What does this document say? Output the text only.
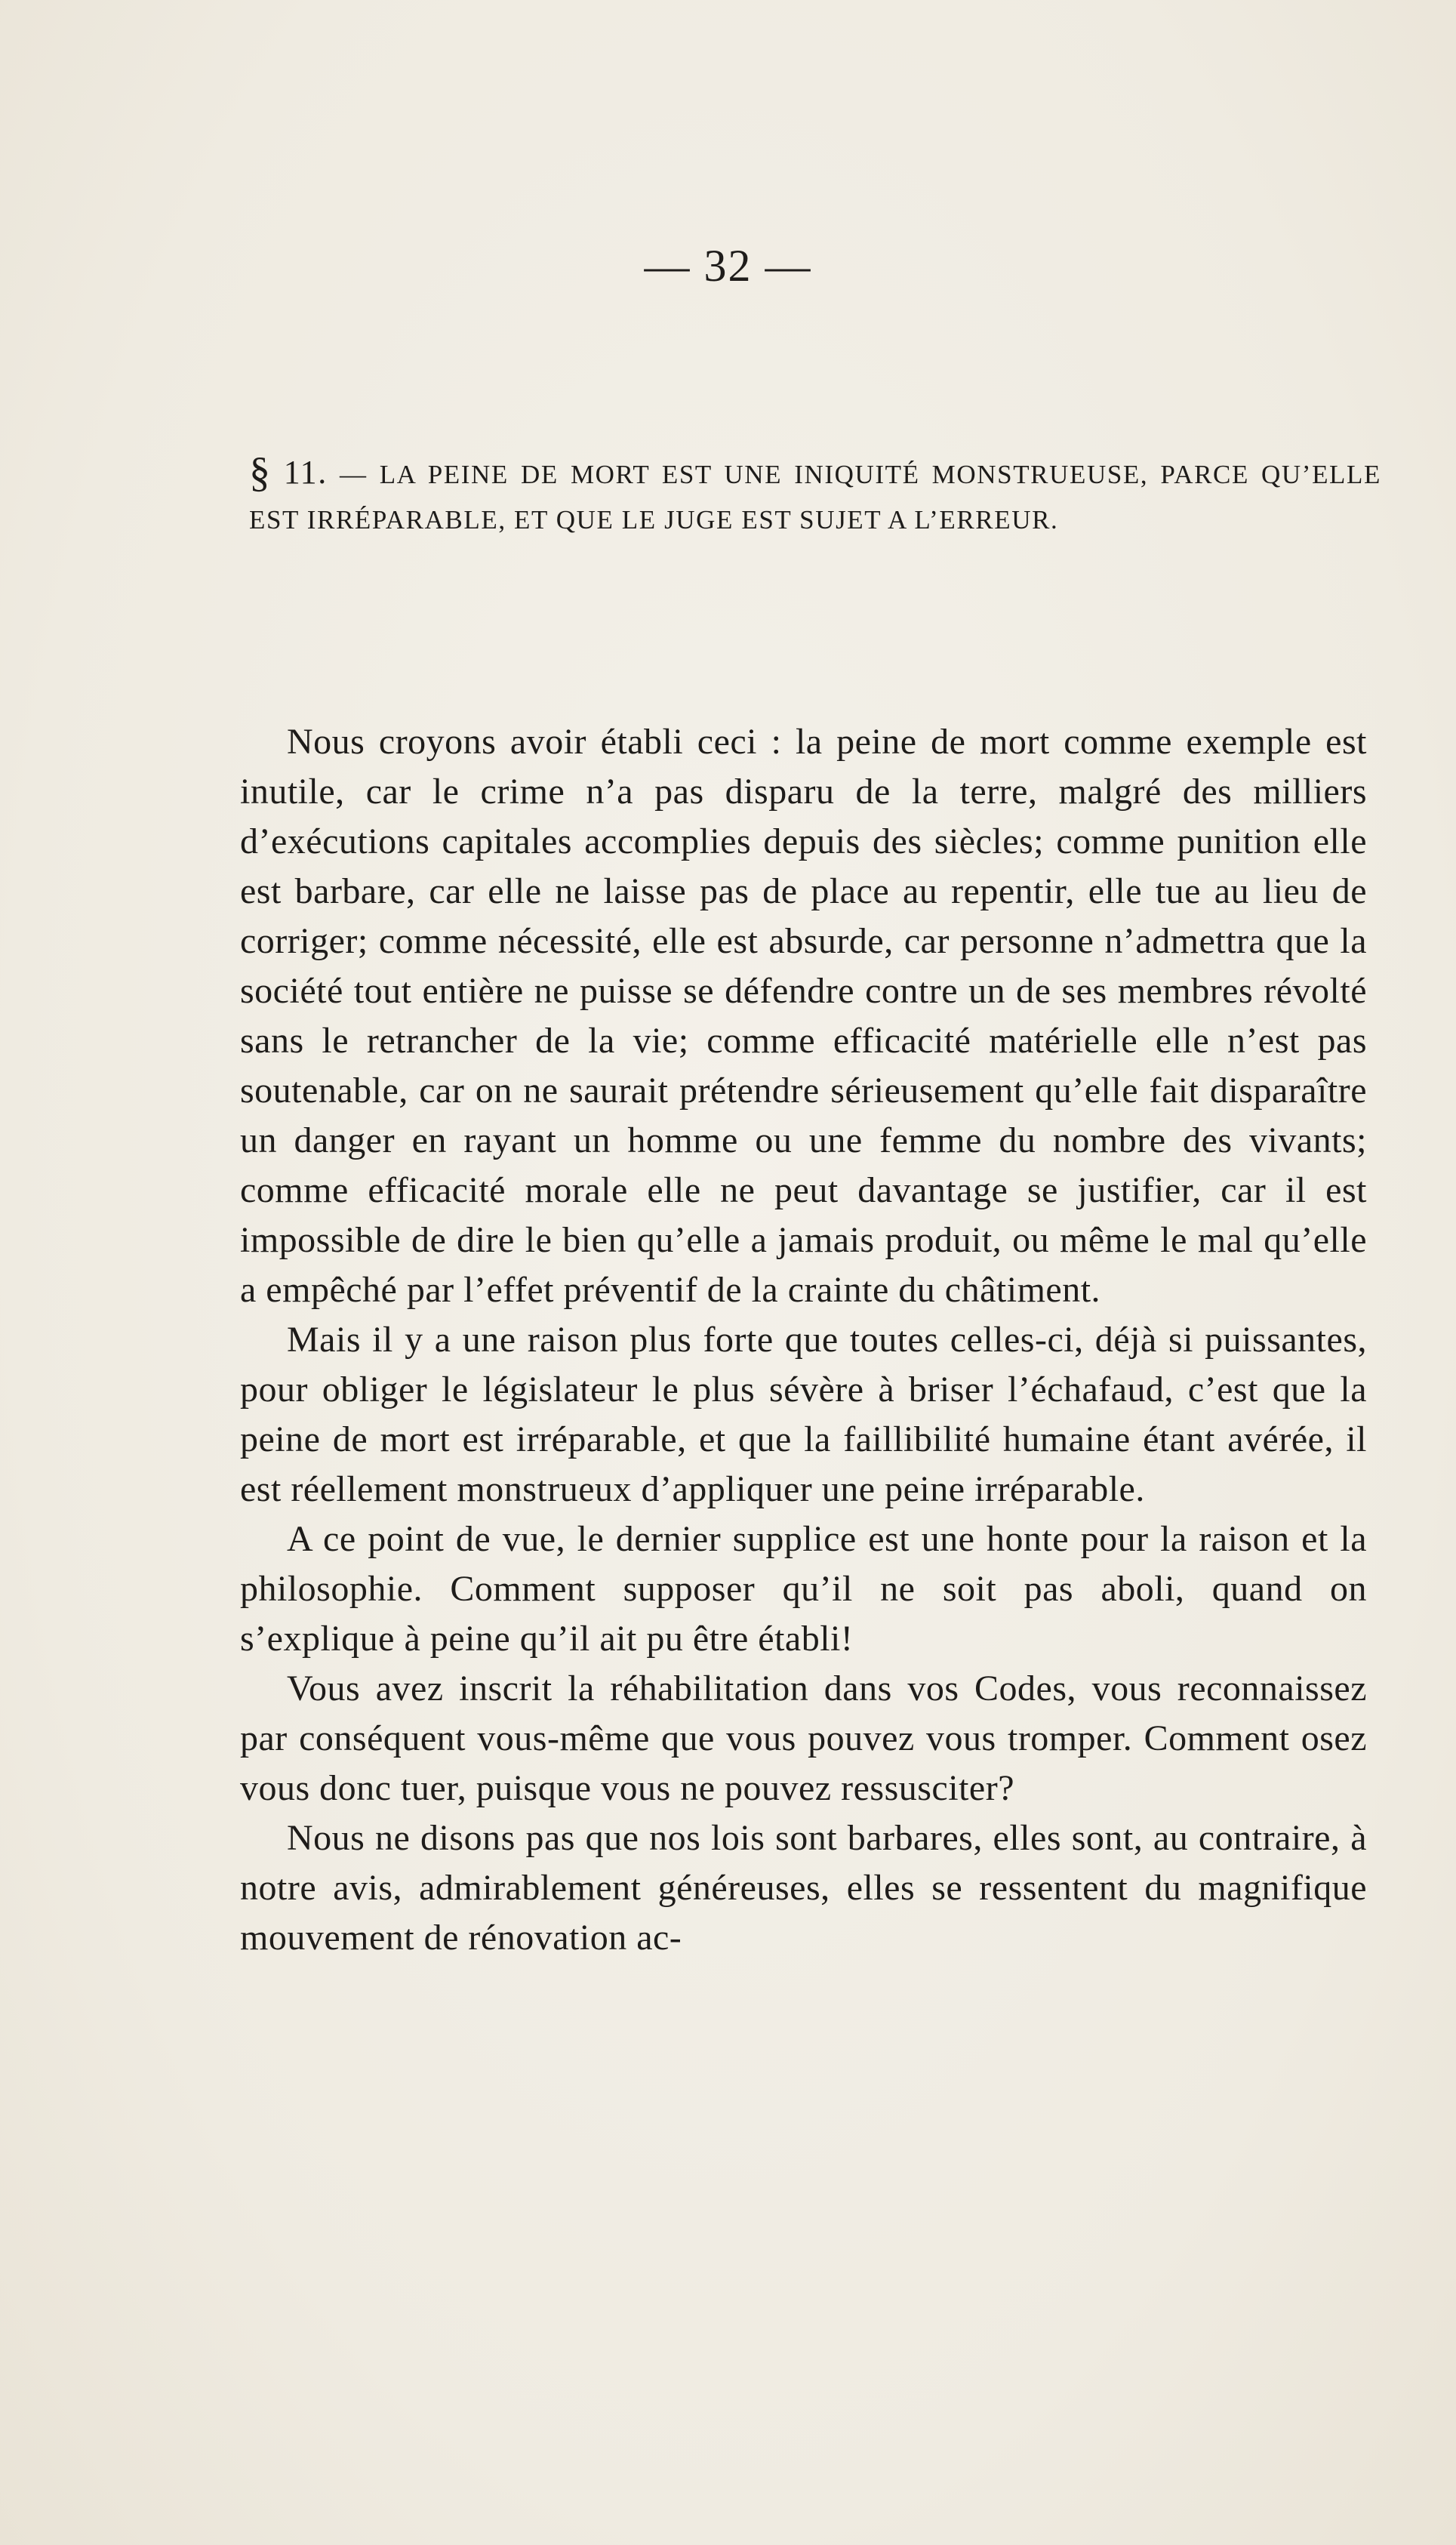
— 32 —
§ 11. — LA PEINE DE MORT EST UNE INIQUITÉ MONSTRUEUSE, PARCE QU’ELLE EST IRRÉPARABLE, ET QUE LE JUGE EST SUJET A L’ERREUR.

Nous croyons avoir établi ceci : la peine de mort comme exemple est inutile, car le crime n’a pas disparu de la terre, malgré des milliers d’exécutions capitales accomplies depuis des siècles; comme punition elle est barbare, car elle ne laisse pas de place au repentir, elle tue au lieu de corriger; comme nécessité, elle est absurde, car personne n’admettra que la société tout entière ne puisse se défendre contre un de ses membres révolté sans le retrancher de la vie; comme efficacité matérielle elle n’est pas soutenable, car on ne saurait prétendre sérieusement qu’elle fait disparaître un danger en rayant un homme ou une femme du nombre des vivants; comme efficacité morale elle ne peut davantage se justifier, car il est impossible de dire le bien qu’elle a jamais produit, ou même le mal qu’elle a empêché par l’effet préventif de la crainte du châtiment.

Mais il y a une raison plus forte que toutes celles-ci, déjà si puissantes, pour obliger le législateur le plus sévère à briser l’échafaud, c’est que la peine de mort est irréparable, et que la faillibilité humaine étant avérée, il est réellement monstrueux d’appliquer une peine irréparable.

A ce point de vue, le dernier supplice est une honte pour la raison et la philosophie. Comment supposer qu’il ne soit pas aboli, quand on s’explique à peine qu’il ait pu être établi!

Vous avez inscrit la réhabilitation dans vos Codes, vous reconnaissez par conséquent vous-même que vous pouvez vous tromper. Comment osez vous donc tuer, puisque vous ne pouvez ressusciter?

Nous ne disons pas que nos lois sont barbares, elles sont, au contraire, à notre avis, admirablement généreuses, elles se ressentent du magnifique mouvement de rénovation ac-
